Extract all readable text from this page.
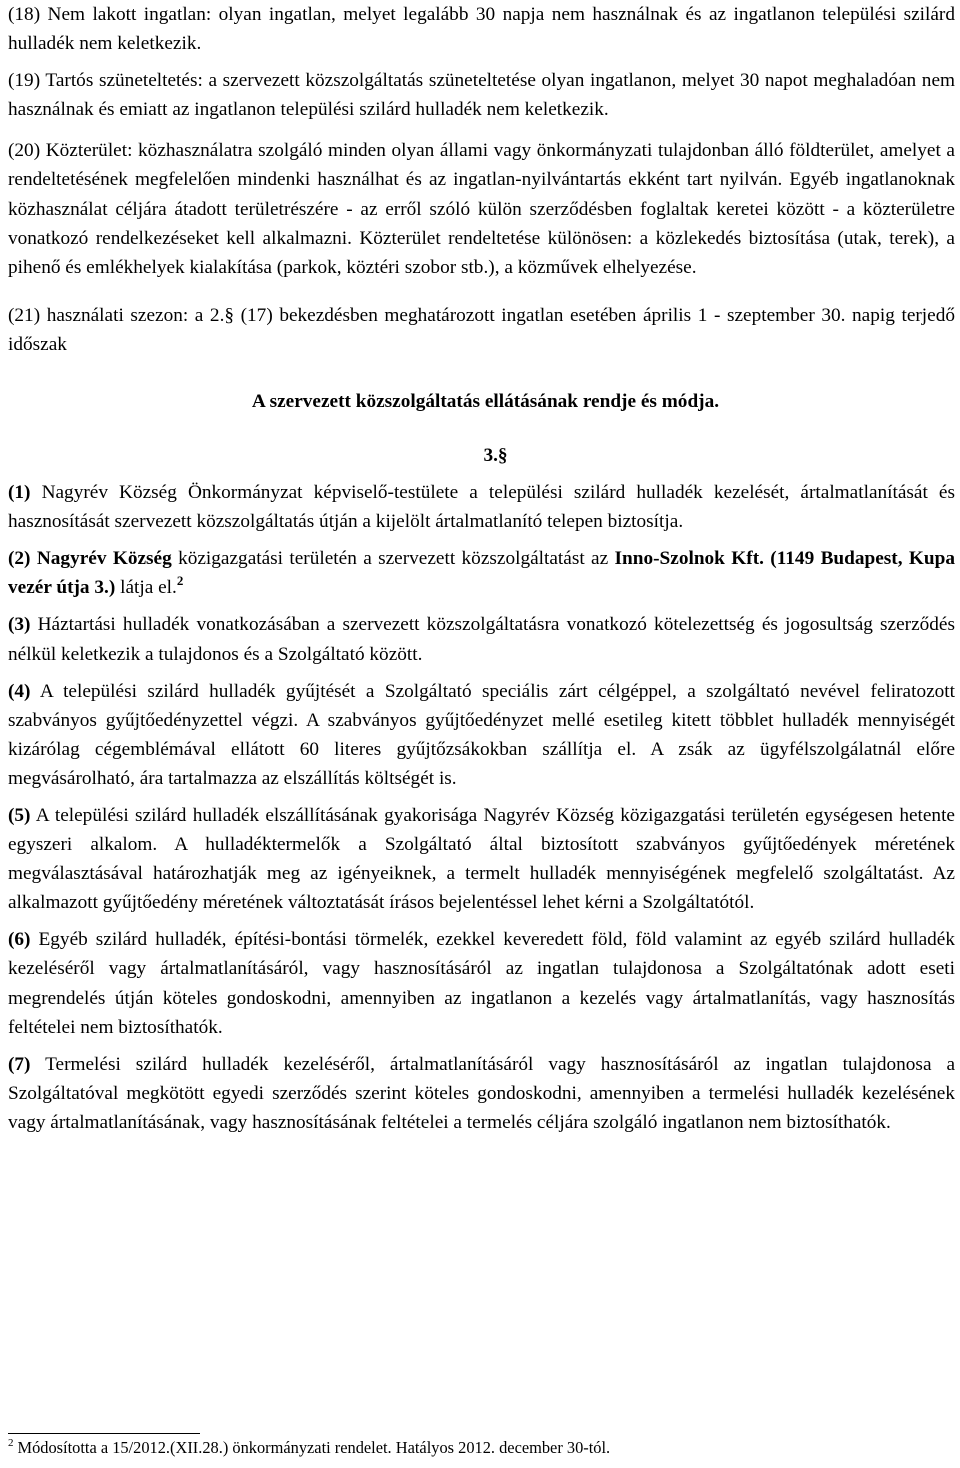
(18) Nem lakott ingatlan: olyan ingatlan, melyet legalább 30 napja nem használnak és az ingatlanon települési szilárd hulladék nem keletkezik.

(19) Tartós szüneteltetés: a szervezett közszolgáltatás szüneteltetése olyan ingatlanon, melyet 30 napot meghaladóan nem használnak és emiatt az ingatlanon települési szilárd hulladék nem keletkezik.

(20) Közterület: közhasználatra szolgáló minden olyan állami vagy önkormányzati tulajdonban álló földterület, amelyet a rendeltetésének megfelelően mindenki használhat és az ingatlan-nyilvántartás ekként tart nyilván. Egyéb ingatlanoknak közhasználat céljára átadott területrészére - az erről szóló külön szerződésben foglaltak keretei között - a közterületre vonatkozó rendelkezéseket kell alkalmazni. Közterület rendeltetése különösen: a közlekedés biztosítása (utak, terek), a pihenő és emlékhelyek kialakítása (parkok, köztéri szobor stb.), a közművek elhelyezése.

(21) használati szezon: a 2.§ (17) bekezdésben meghatározott ingatlan esetében április 1 - szeptember 30. napig terjedő időszak

A szervezett közszolgáltatás ellátásának rendje és módja.
3.§

(1) Nagyrév Község Önkormányzat képviselő-testülete a települési szilárd hulladék kezelését, ártalmatlanítását és hasznosítását szervezett közszolgáltatás útján a kijelölt ártalmatlanító telepen biztosítja.

(2) Nagyrév Község közigazgatási területén a szervezett közszolgáltatást az Inno-Szolnok Kft. (1149 Budapest, Kupa vezér útja 3.) látja el.$^2$

(3) Háztartási hulladék vonatkozásában a szervezett közszolgáltatásra vonatkozó kötelezettség és jogosultság szerződés nélkül keletkezik a tulajdonos és a Szolgáltató között.

(4) A települési szilárd hulladék gyűjtését a Szolgáltató speciális zárt célgéppel, a szolgáltató nevével feliratozott szabványos gyűjtőedényzettel végzi. A szabványos gyűjtőedényzet mellé esetileg kitett többlet hulladék mennyiségét kizárólag cégemblémával ellátott 60 literes gyűjtőzsákokban szállítja el. A zsák az ügyfélszolgálatnál előre megvásárolható, ára tartalmazza az elszállítás költségét is.

(5) A települési szilárd hulladék elszállításának gyakorisága Nagyrév Község közigazgatási területén egységesen hetente egyszeri alkalom. A hulladéktermelők a Szolgáltató által biztosított szabványos gyűjtőedények méretének megválasztásával határozhatják meg az igényeiknek, a termelt hulladék mennyiségének megfelelő szolgáltatást. Az alkalmazott gyűjtőedény méretének változtatását írásos bejelentéssel lehet kérni a Szolgáltatótól.

(6) Egyéb szilárd hulladék, építési-bontási törmelék, ezekkel keveredett föld, föld valamint az egyéb szilárd hulladék kezeléséről vagy ártalmatlanításáról, vagy hasznosításáról az ingatlan tulajdonosa a Szolgáltatónak adott eseti megrendelés útján köteles gondoskodni, amennyiben az ingatlanon a kezelés vagy ártalmatlanítás, vagy hasznosítás feltételei nem biztosíthatók.

(7) Termelési szilárd hulladék kezeléséről, ártalmatlanításáról vagy hasznosításáról az ingatlan tulajdonosa a Szolgáltatóval megkötött egyedi szerződés szerint köteles gondoskodni, amennyiben a termelési hulladék kezelésének vagy ártalmatlanításának, vagy hasznosításának feltételei a termelés céljára szolgáló ingatlanon nem biztosíthatók.

$^2$ Módosította a 15/2012.(XII.28.) önkormányzati rendelet. Hatályos 2012. december 30-tól.
